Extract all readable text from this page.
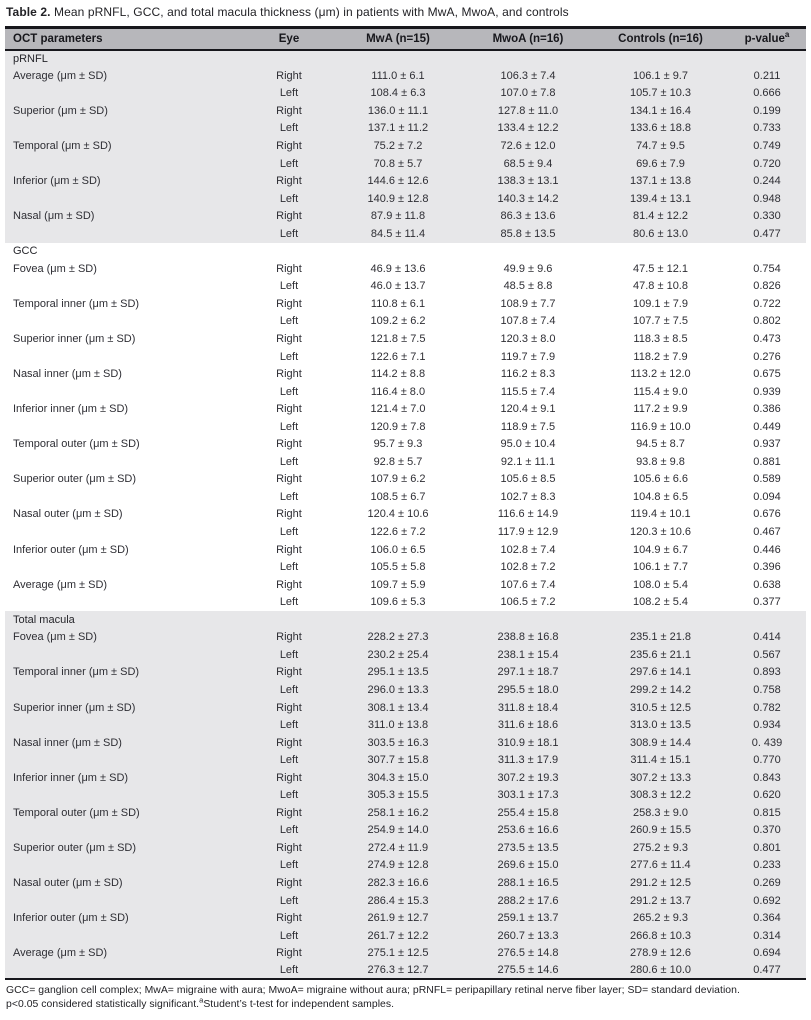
Table 2. Mean pRNFL, GCC, and total macula thickness (μm) in patients with MwA, MwoA, and controls
OCT parameters	Eye	MwA (n=15)	MwoA (n=16)	Controls (n=16)	p-value$^a$
pRNFL					
Average (μm ± SD)	Right	111.0 ± 6.1	106.3 ± 7.4	106.1 ± 9.7	0.211
	Left	108.4 ± 6.3	107.0 ± 7.8	105.7 ± 10.3	0.666
Superior (μm ± SD)	Right	136.0 ± 11.1	127.8 ± 11.0	134.1 ± 16.4	0.199
	Left	137.1 ± 11.2	133.4 ± 12.2	133.6 ± 18.8	0.733
Temporal (μm ± SD)	Right	75.2 ± 7.2	72.6 ± 12.0	74.7 ± 9.5	0.749
	Left	70.8 ± 5.7	68.5 ± 9.4	69.6 ± 7.9	0.720
Inferior (μm ± SD)	Right	144.6 ± 12.6	138.3 ± 13.1	137.1 ± 13.8	0.244
	Left	140.9 ± 12.8	140.3 ± 14.2	139.4 ± 13.1	0.948
Nasal (μm ± SD)	Right	87.9 ± 11.8	86.3 ± 13.6	81.4 ± 12.2	0.330
	Left	84.5 ± 11.4	85.8 ± 13.5	80.6 ± 13.0	0.477
GCC					
Fovea (μm ± SD)	Right	46.9 ± 13.6	49.9 ± 9.6	47.5 ± 12.1	0.754
	Left	46.0 ± 13.7	48.5 ± 8.8	47.8 ± 10.8	0.826
Temporal inner (μm ± SD)	Right	110.8 ± 6.1	108.9 ± 7.7	109.1 ± 7.9	0.722
	Left	109.2 ± 6.2	107.8 ± 7.4	107.7 ± 7.5	0.802
Superior inner (μm ± SD)	Right	121.8 ± 7.5	120.3 ± 8.0	118.3 ± 8.5	0.473
	Left	122.6 ± 7.1	119.7 ± 7.9	118.2 ± 7.9	0.276
Nasal inner (μm ± SD)	Right	114.2 ± 8.8	116.2 ± 8.3	113.2 ± 12.0	0.675
	Left	116.4 ± 8.0	115.5 ± 7.4	115.4 ± 9.0	0.939
Inferior inner (μm ± SD)	Right	121.4 ± 7.0	120.4 ± 9.1	117.2 ± 9.9	0.386
	Left	120.9 ± 7.8	118.9 ± 7.5	116.9 ± 10.0	0.449
Temporal outer (μm ± SD)	Right	95.7 ± 9.3	95.0 ± 10.4	94.5 ± 8.7	0.937
	Left	92.8 ± 5.7	92.1 ± 11.1	93.8 ± 9.8	0.881
Superior outer (μm ± SD)	Right	107.9 ± 6.2	105.6 ± 8.5	105.6 ± 6.6	0.589
	Left	108.5 ± 6.7	102.7 ± 8.3	104.8 ± 6.5	0.094
Nasal outer (μm ± SD)	Right	120.4 ± 10.6	116.6 ± 14.9	119.4 ± 10.1	0.676
	Left	122.6 ± 7.2	117.9 ± 12.9	120.3 ± 10.6	0.467
Inferior outer (μm ± SD)	Right	106.0 ± 6.5	102.8 ± 7.4	104.9 ± 6.7	0.446
	Left	105.5 ± 5.8	102.8 ± 7.2	106.1 ± 7.7	0.396
Average (μm ± SD)	Right	109.7 ± 5.9	107.6 ± 7.4	108.0 ± 5.4	0.638
	Left	109.6 ± 5.3	106.5 ± 7.2	108.2 ± 5.4	0.377
Total macula					
Fovea (μm ± SD)	Right	228.2 ± 27.3	238.8 ± 16.8	235.1 ± 21.8	0.414
	Left	230.2 ± 25.4	238.1 ± 15.4	235.6 ± 21.1	0.567
Temporal inner (μm ± SD)	Right	295.1 ± 13.5	297.1 ± 18.7	297.6 ± 14.1	0.893
	Left	296.0 ± 13.3	295.5 ± 18.0	299.2 ± 14.2	0.758
Superior inner (μm ± SD)	Right	308.1 ± 13.4	311.8 ± 18.4	310.5 ± 12.5	0.782
	Left	311.0 ± 13.8	311.6 ± 18.6	313.0 ± 13.5	0.934
Nasal inner (μm ± SD)	Right	303.5 ± 16.3	310.9 ± 18.1	308.9 ± 14.4	0. 439
	Left	307.7 ± 15.8	311.3 ± 17.9	311.4 ± 15.1	0.770
Inferior inner (μm ± SD)	Right	304.3 ± 15.0	307.2 ± 19.3	307.2 ± 13.3	0.843
	Left	305.3 ± 15.5	303.1 ± 17.3	308.3 ± 12.2	0.620
Temporal outer (μm ± SD)	Right	258.1 ± 16.2	255.4 ± 15.8	258.3 ± 9.0	0.815
	Left	254.9 ± 14.0	253.6 ± 16.6	260.9 ± 15.5	0.370
Superior outer (μm ± SD)	Right	272.4 ± 11.9	273.5 ± 13.5	275.2 ± 9.3	0.801
	Left	274.9 ± 12.8	269.6 ± 15.0	277.6 ± 11.4	0.233
Nasal outer (μm ± SD)	Right	282.3 ± 16.6	288.1 ± 16.5	291.2 ± 12.5	0.269
	Left	286.4 ± 15.3	288.2 ± 17.6	291.2 ± 13.7	0.692
Inferior outer (μm ± SD)	Right	261.9 ± 12.7	259.1 ± 13.7	265.2 ± 9.3	0.364
	Left	261.7 ± 12.2	260.7 ± 13.3	266.8 ± 10.3	0.314
Average (μm ± SD)	Right	275.1 ± 12.5	276.5 ± 14.8	278.9 ± 12.6	0.694
	Left	276.3 ± 12.7	275.5 ± 14.6	280.6 ± 10.0	0.477
GCC= ganglion cell complex; MwA= migraine with aura; MwoA= migraine without aura; pRNFL= peripapillary retinal nerve fiber layer; SD= standard deviation.
p<0.05 considered statistically significant.$^a$Student’s t-test for independent samples.
